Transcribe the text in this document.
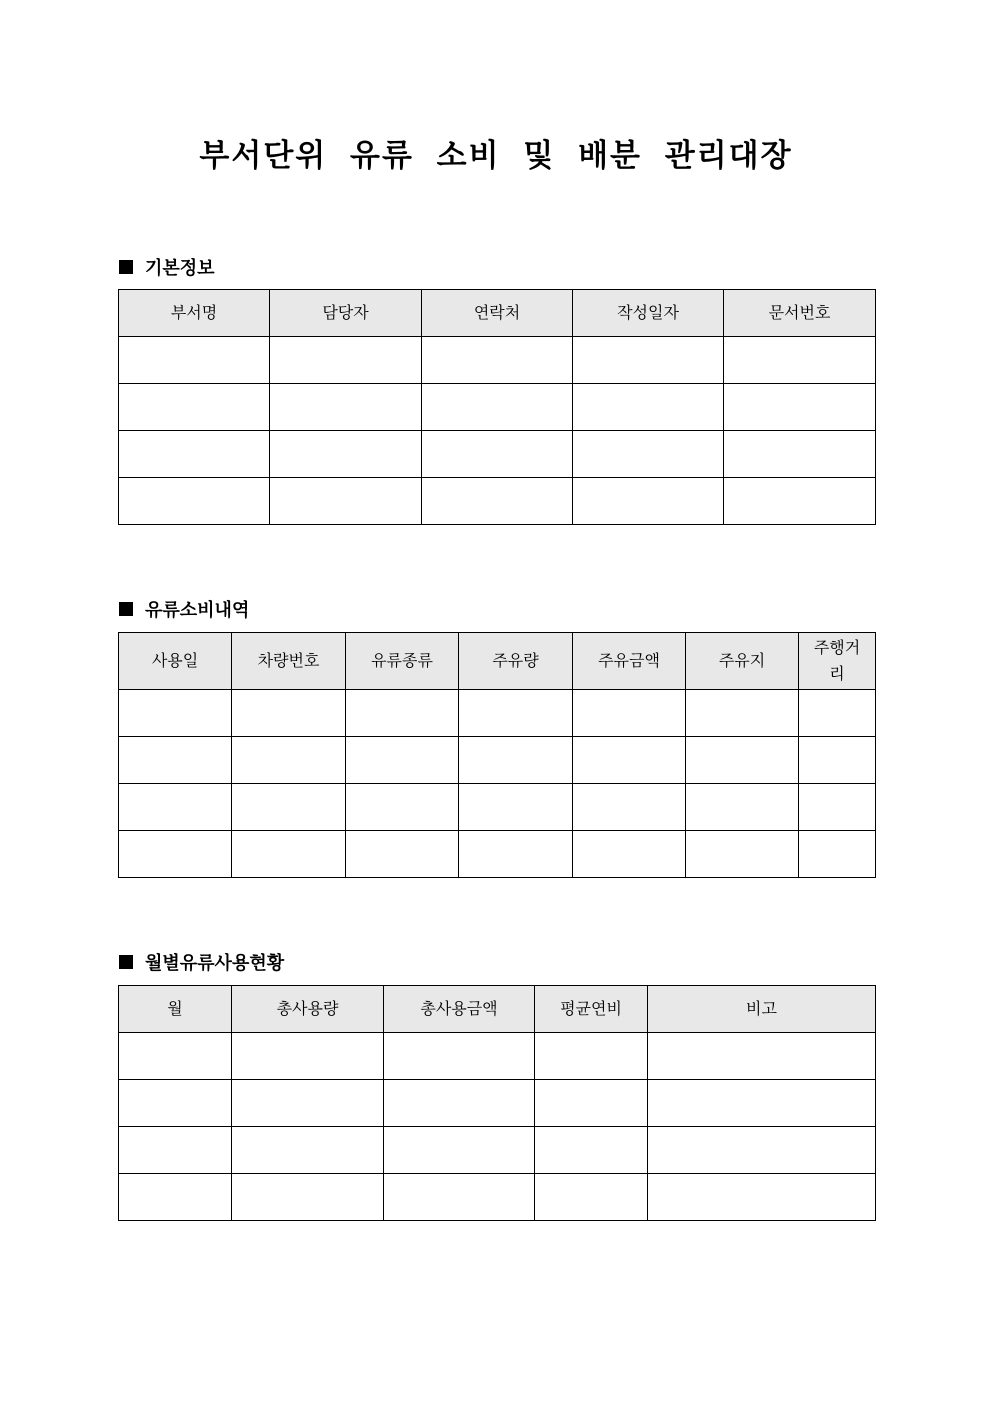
부서단위 유류 소비 및 배분 관리대장
기본정보
부서명	담당자	연락처	작성일자	문서번호

유류소비내역
사용일	차량번호	유류종류	주유량	주유금액	주유지	주행거리

월별유류사용현황
월	총사용량	총사용금액	평균연비	비고
